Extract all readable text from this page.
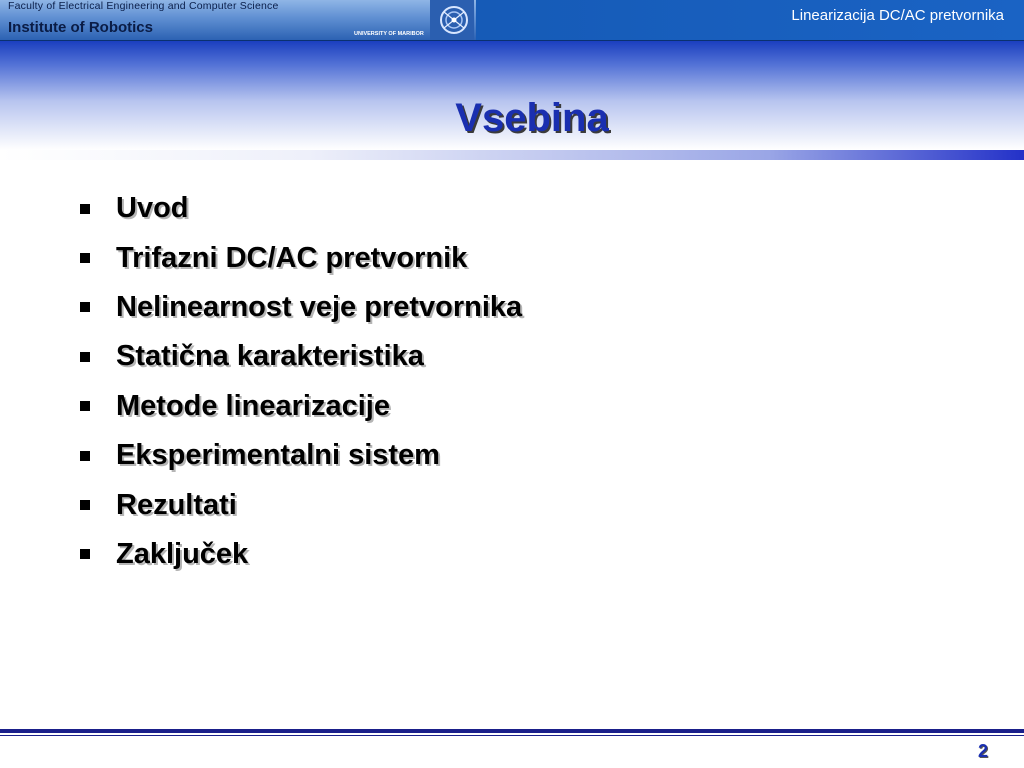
Faculty of Electrical Engineering and Computer Science
Institute of Robotics	UNIVERSITY OF MARIBOR
Linearizacija DC/AC pretvornika
Vsebina
Uvod
Trifazni DC/AC pretvornik
Nelinearnost veje pretvornika
Statična karakteristika
Metode linearizacije
Eksperimentalni sistem
Rezultati
Zaključek
2
